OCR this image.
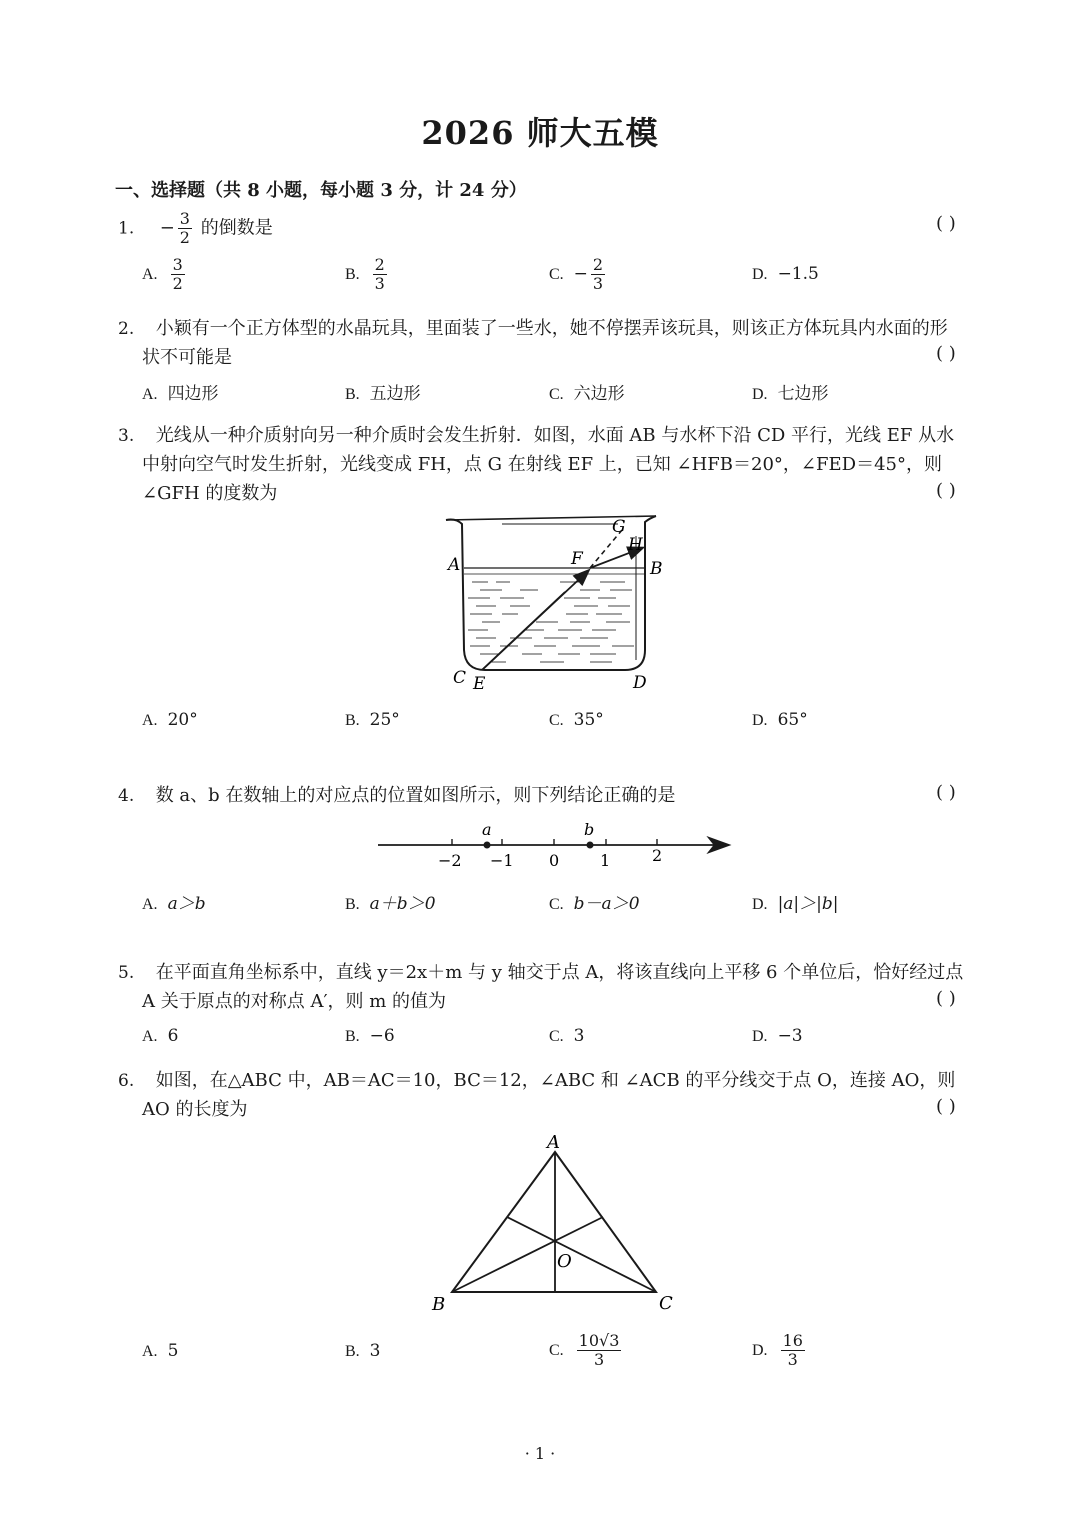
2026 师大五模
一、选择题（共 8 小题，每小题 3 分，计 24 分）
1. − $\frac{3}{2}$ 的倒数是	( )
A. $\frac{3}{2}$	B. $\frac{2}{3}$	C. − $\frac{2}{3}$	D. −1.5
2. 小颖有一个正方体型的水晶玩具，里面装了一些水，她不停摆弄该玩具，则该正方体玩具内水面的形
状不可能是	( )
A. 四边形	B. 五边形	C. 六边形	D. 七边形
3. 光线从一种介质射向另一种介质时会发生折射．如图，水面 AB 与水杯下沿 CD 平行，光线 EF 从水
中射向空气时发生折射，光线变成 FH，点 G 在射线 EF 上，已知 ∠HFB＝20°，∠FED＝45°，则
∠GFH 的度数为	( )
G
H
F
A	B
C E	D
A. 20°	B. 25°	C. 35°	D. 65°
4. 数 a、b 在数轴上的对应点的位置如图所示，则下列结论正确的是	( )
a	b
−2 −1 0	1	2
A. a＞b	B. a＋b＞0	C. b－a＞0	D. |a|＞|b|
5. 在平面直角坐标系中，直线 y＝2x＋m 与 y 轴交于点 A，将该直线向上平移 6 个单位后，恰好经过点
A 关于原点的对称点 A′，则 m 的值为	( )
A. 6	B. −6	C. 3	D. −3
6. 如图，在△ABC 中，AB＝AC＝10，BC＝12，∠ABC 和 ∠ACB 的平分线交于点 O，连接 AO，则
AO 的长度为	( )
A
B	C
O
A. 5	B. 3	C. $\frac{10√3}{3}$	D. $\frac{16}{3}$
· 1 ·
